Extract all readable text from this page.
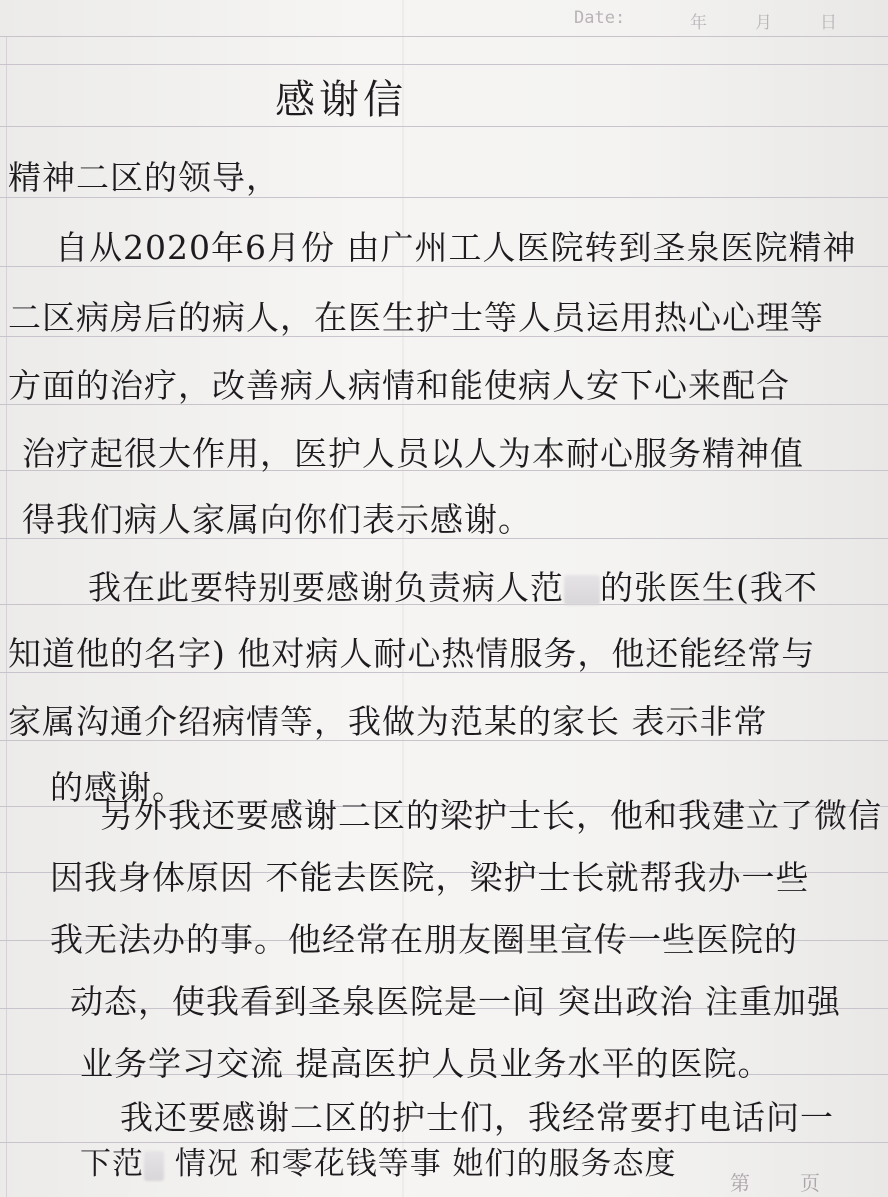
Date:	年	月	日
感谢信
精神二区的领导，
自从2020年6月份 由广州工人医院转到圣泉医院精神
二区病房后的病人，在医生护士等人员运用热心心理等
方面的治疗，改善病人病情和能使病人安下心来配合
治疗起很大作用，医护人员以人为本耐心服务精神值
得我们病人家属向你们表示感谢。
我在此要特别要感谢负责病人范 的张医生(我不
知道他的名字) 他对病人耐心热情服务，他还能经常与
家属沟通介绍病情等，我做为范某的家长 表示非常
的感谢。
另外我还要感谢二区的梁护士长，他和我建立了微信
因我身体原因 不能去医院，梁护士长就帮我办一些
我无法办的事。他经常在朋友圈里宣传一些医院的
动态，使我看到圣泉医院是一间 突出政治 注重加强
业务学习交流 提高医护人员业务水平的医院。
第	页
我还要感谢二区的护士们，我经常要打电话问一
下范 情况 和零花钱等事 她们的服务态度
